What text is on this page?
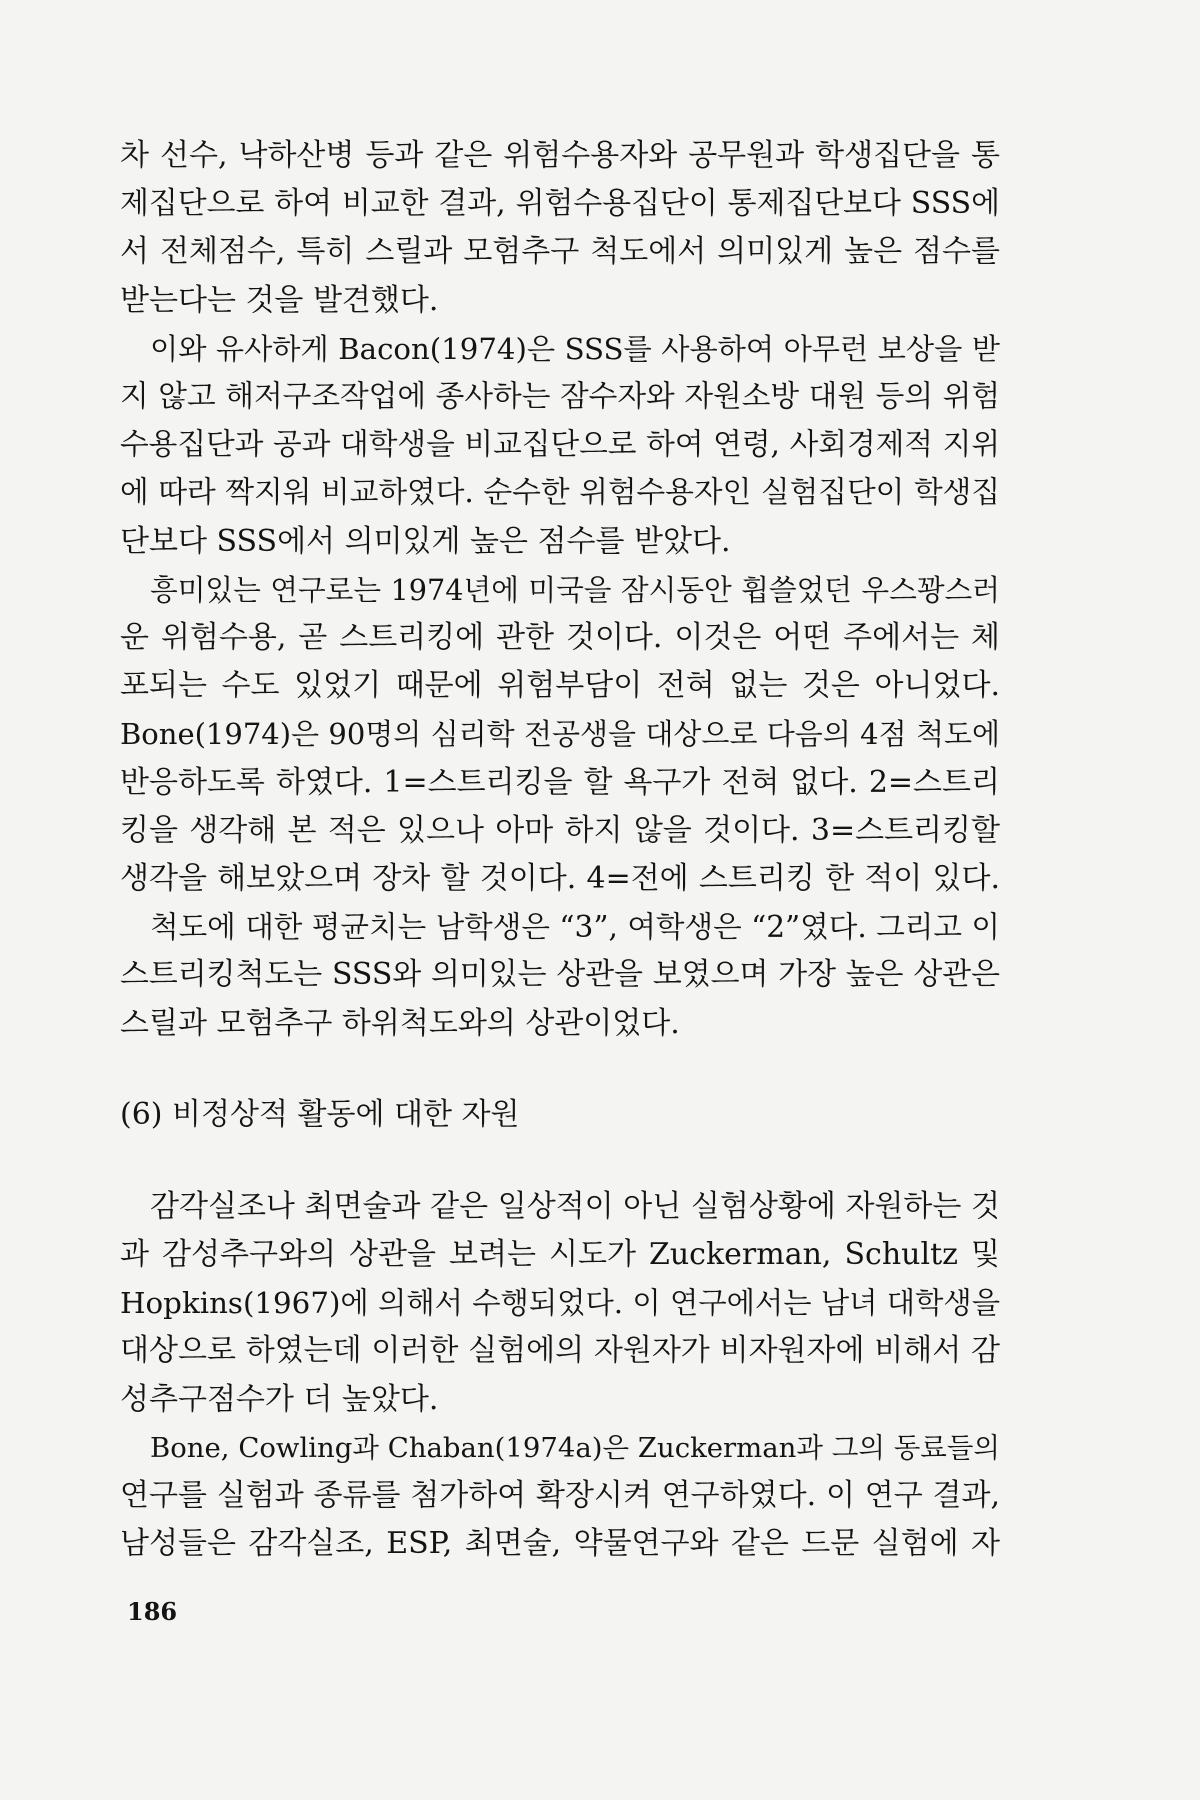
차 선수, 낙하산병 등과 같은 위험수용자와 공무원과 학생집단을 통
제집단으로 하여 비교한 결과, 위험수용집단이 통제집단보다 SSS에
서 전체점수, 특히 스릴과 모험추구 척도에서 의미있게 높은 점수를
받는다는 것을 발견했다.
이와 유사하게 Bacon(1974)은 SSS를 사용하여 아무런 보상을 받
지 않고 해저구조작업에 종사하는 잠수자와 자원소방 대원 등의 위험
수용집단과 공과 대학생을 비교집단으로 하여 연령, 사회경제적 지위
에 따라 짝지워 비교하였다. 순수한 위험수용자인 실험집단이 학생집
단보다 SSS에서 의미있게 높은 점수를 받았다.
흥미있는 연구로는 1974년에 미국을 잠시동안 휩쓸었던 우스꽝스러
운 위험수용, 곧 스트리킹에 관한 것이다. 이것은 어떤 주에서는 체
포되는 수도 있었기 때문에 위험부담이 전혀 없는 것은 아니었다.
Bone(1974)은 90명의 심리학 전공생을 대상으로 다음의 4점 척도에
반응하도록 하였다. 1=스트리킹을 할 욕구가 전혀 없다. 2=스트리
킹을 생각해 본 적은 있으나 아마 하지 않을 것이다. 3=스트리킹할
생각을 해보았으며 장차 할 것이다. 4=전에 스트리킹 한 적이 있다.
척도에 대한 평균치는 남학생은 “3”, 여학생은 “2”였다. 그리고 이
스트리킹척도는 SSS와 의미있는 상관을 보였으며 가장 높은 상관은
스릴과 모험추구 하위척도와의 상관이었다.
(6) 비정상적 활동에 대한 자원
감각실조나 최면술과 같은 일상적이 아닌 실험상황에 자원하는 것
과 감성추구와의 상관을 보려는 시도가 Zuckerman, Schultz 및
Hopkins(1967)에 의해서 수행되었다. 이 연구에서는 남녀 대학생을
대상으로 하였는데 이러한 실험에의 자원자가 비자원자에 비해서 감
성추구점수가 더 높았다.
Bone, Cowling과 Chaban(1974a)은 Zuckerman과 그의 동료들의
연구를 실험과 종류를 첨가하여 확장시켜 연구하였다. 이 연구 결과,
남성들은 감각실조, ESP, 최면술, 약물연구와 같은 드문 실험에 자
186
